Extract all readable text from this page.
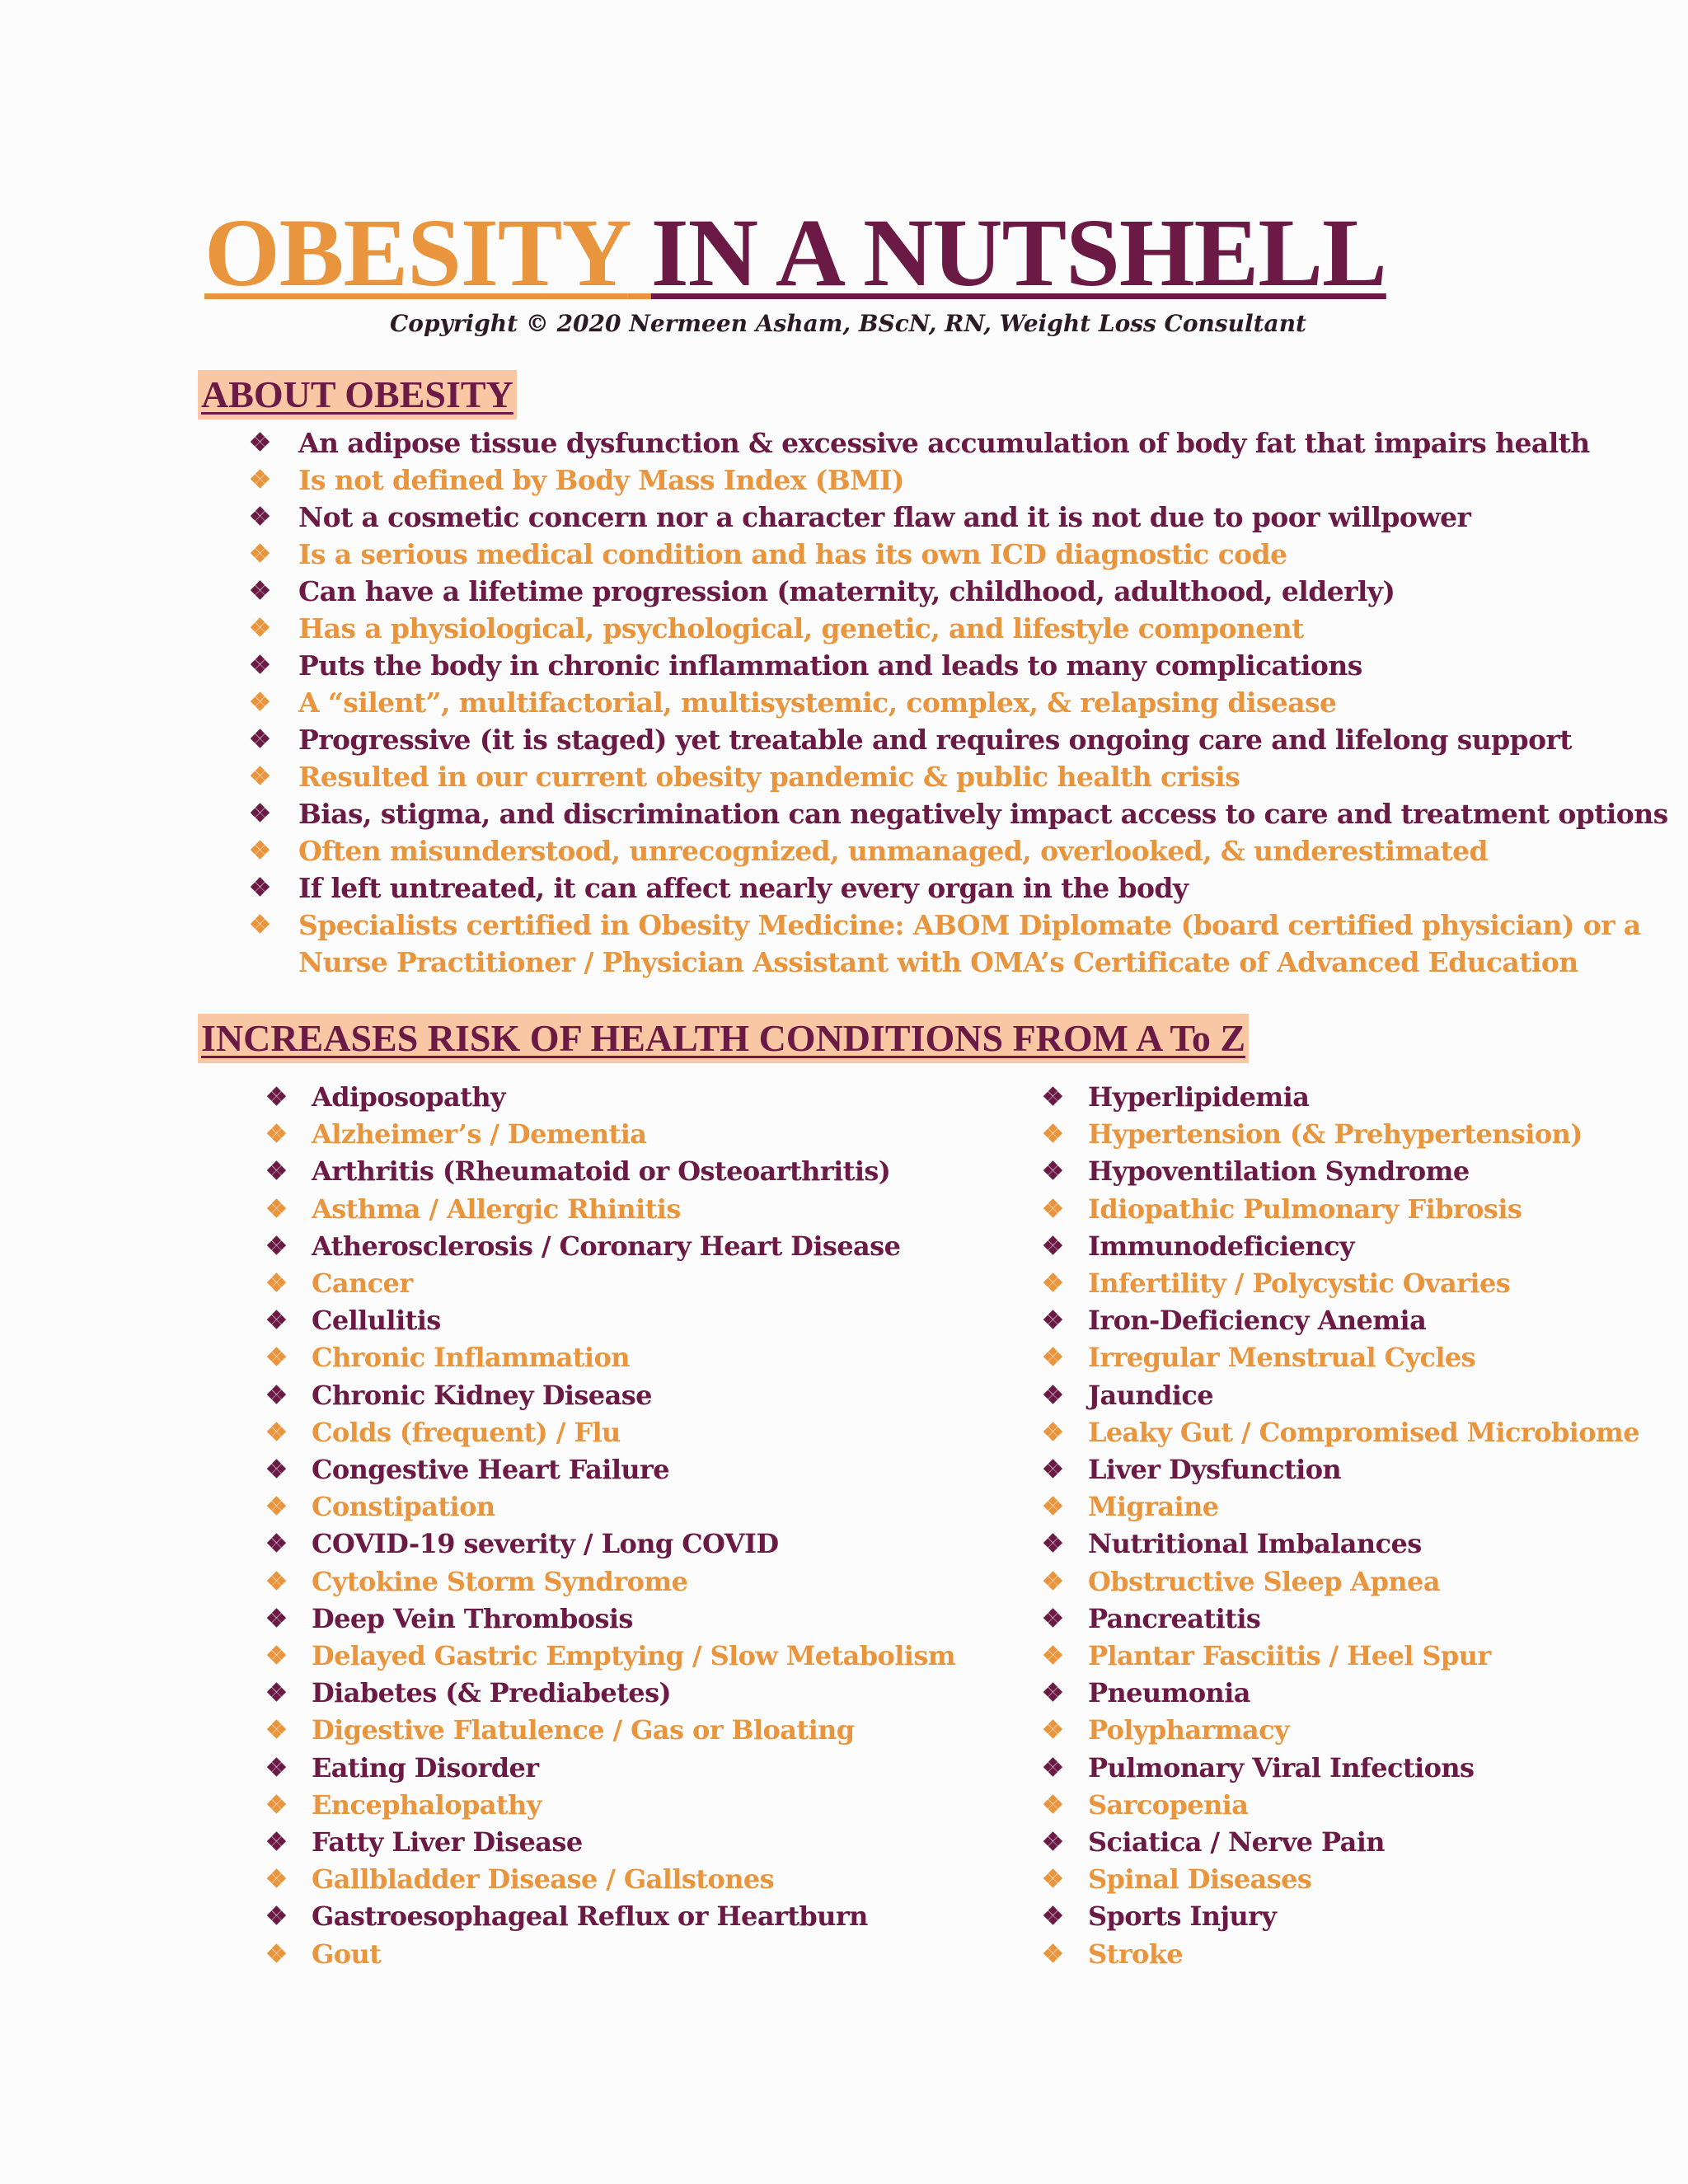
OBESITY IN A NUTSHELL

Copyright © 2020 Nermeen Asham, BScN, RN, Weight Loss Consultant

ABOUT OBESITY
❖ An adipose tissue dysfunction & excessive accumulation of body fat that impairs health
❖ Is not defined by Body Mass Index (BMI)
❖ Not a cosmetic concern nor a character flaw and it is not due to poor willpower
❖ Is a serious medical condition and has its own ICD diagnostic code
❖ Can have a lifetime progression (maternity, childhood, adulthood, elderly)
❖ Has a physiological, psychological, genetic, and lifestyle component
❖ Puts the body in chronic inflammation and leads to many complications
❖ A “silent”, multifactorial, multisystemic, complex, & relapsing disease
❖ Progressive (it is staged) yet treatable and requires ongoing care and lifelong support
❖ Resulted in our current obesity pandemic & public health crisis
❖ Bias, stigma, and discrimination can negatively impact access to care and treatment options
❖ Often misunderstood, unrecognized, unmanaged, overlooked, & underestimated
❖ If left untreated, it can affect nearly every organ in the body
❖ Specialists certified in Obesity Medicine: ABOM Diplomate (board certified physician) or a
Nurse Practitioner / Physician Assistant with OMA’s Certificate of Advanced Education
INCREASES RISK OF HEALTH CONDITIONS FROM A To Z
❖ Adiposopathy
❖ Alzheimer’s / Dementia
❖ Arthritis (Rheumatoid or Osteoarthritis)
❖ Asthma / Allergic Rhinitis
❖ Atherosclerosis / Coronary Heart Disease
❖ Cancer
❖ Cellulitis
❖ Chronic Inflammation
❖ Chronic Kidney Disease
❖ Colds (frequent) / Flu
❖ Congestive Heart Failure
❖ Constipation
❖ COVID-19 severity / Long COVID
❖ Cytokine Storm Syndrome
❖ Deep Vein Thrombosis
❖ Delayed Gastric Emptying / Slow Metabolism
❖ Diabetes (& Prediabetes)
❖ Digestive Flatulence / Gas or Bloating
❖ Eating Disorder
❖ Encephalopathy
❖ Fatty Liver Disease
❖ Gallbladder Disease / Gallstones
❖ Gastroesophageal Reflux or Heartburn
❖ Gout
❖ Hyperlipidemia
❖ Hypertension (& Prehypertension)
❖ Hypoventilation Syndrome
❖ Idiopathic Pulmonary Fibrosis
❖ Immunodeficiency
❖ Infertility / Polycystic Ovaries
❖ Iron-Deficiency Anemia
❖ Irregular Menstrual Cycles
❖ Jaundice
❖ Leaky Gut / Compromised Microbiome
❖ Liver Dysfunction
❖ Migraine
❖ Nutritional Imbalances
❖ Obstructive Sleep Apnea
❖ Pancreatitis
❖ Plantar Fasciitis / Heel Spur
❖ Pneumonia
❖ Polypharmacy
❖ Pulmonary Viral Infections
❖ Sarcopenia
❖ Sciatica / Nerve Pain
❖ Spinal Diseases
❖ Sports Injury
❖ Stroke
